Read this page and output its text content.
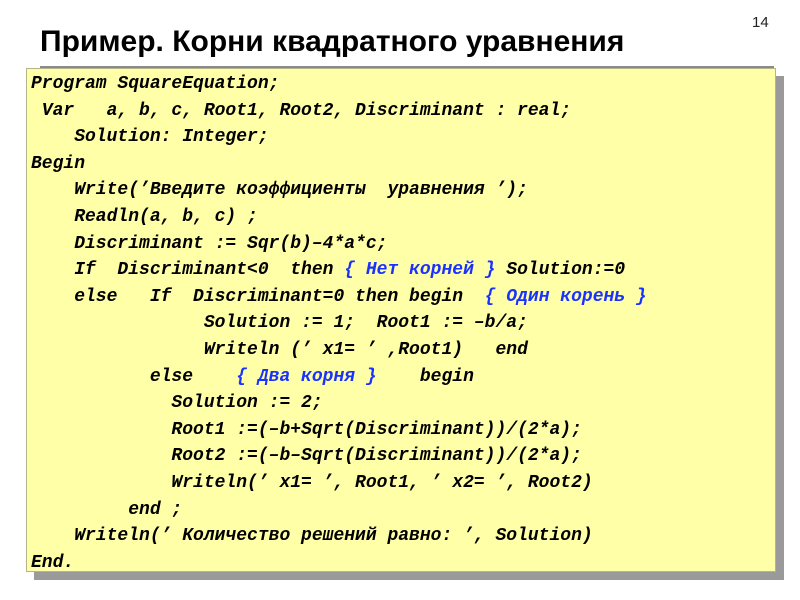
14
Пример. Корни квадратного уравнения
Program SquareEquation;
Var   a, b, c, Root1, Root2, Discriminant : real;
Solution: Integer;
Begin
Write(’Введите коэффициенты  уравнения ’);
Readln(a, b, c) ;
Discriminant := Sqr(b)–4*a*c;
If  Discriminant<0  then { Нет корней } Solution:=0
else   If  Discriminant=0 then begin  { Один корень }
Solution := 1;  Root1 := –b/a;
Writeln (’ x1= ’ ,Root1)   end
else    { Два корня }    begin
Solution := 2;
Root1 :=(–b+Sqrt(Discriminant))/(2*a);
Root2 :=(–b–Sqrt(Discriminant))/(2*a);
Writeln(’ x1= ’, Root1, ’ x2= ’, Root2)
end ;
Writeln(’ Количество решений равно: ’, Solution)
End.
